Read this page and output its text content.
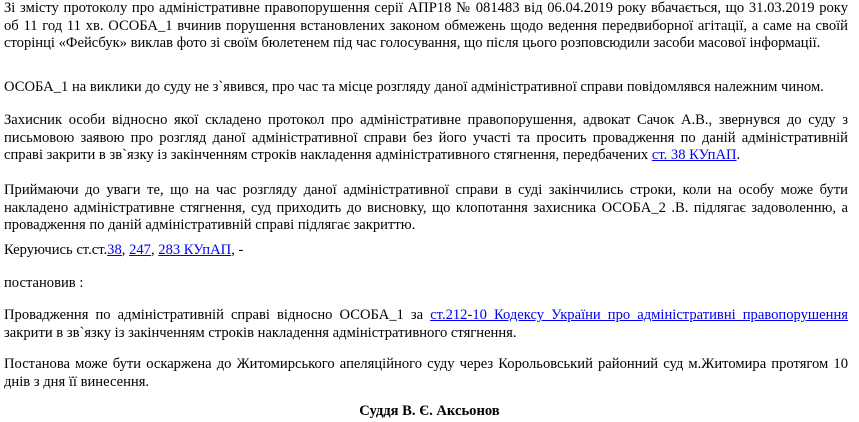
Зі змісту протоколу про адміністративне правопорушення серії АПР18 № 081483 від 06.04.2019 року вбачається, що 31.03.2019 року об 11 год 11 хв. ОСОБА_1 вчинив порушення встановлених законом обмежень щодо ведення передвиборної агітації, а саме на своїй сторінці «Фейсбук» виклав фото зі своїм бюлетенем під час голосування, що після цього розповсюдили засоби масової інформації.

ОСОБА_1 на виклики до суду не з`явився, про час та місце розгляду даної адміністративної справи повідомлявся належним чином.

Захисник особи відносно якої складено протокол про адміністративне правопорушення, адвокат Сачок А.В., звернувся до суду з письмовою заявою про розгляд даної адміністративної справи без його участі та просить провадження по даній адміністративній справі закрити в зв`язку із закінченням строків накладення адміністративного стягнення, передбачених ст. 38 КУпАП.

Приймаючи до уваги те, що на час розгляду даної адміністративної справи в суді закінчились строки, коли на особу може бути накладено адміністративне стягнення, суд приходить до висновку, що клопотання захисника ОСОБА_2 .В. підлягає задоволенню, а провадження по даній адміністративній справі підлягає закриттю.

Керуючись ст.ст.38, 247, 283 КУпАП, -

постановив :

Провадження по адміністративній справі відносно ОСОБА_1 за ст.212-10 Кодексу України про адміністративні правопорушення закрити в зв`язку із закінченням строків накладення адміністративного стягнення.

Постанова може бути оскаржена до Житомирського апеляційного суду через Корольовський районний суд м.Житомира протягом 10 днів з дня її винесення.

Суддя В. Є. Аксьонов
